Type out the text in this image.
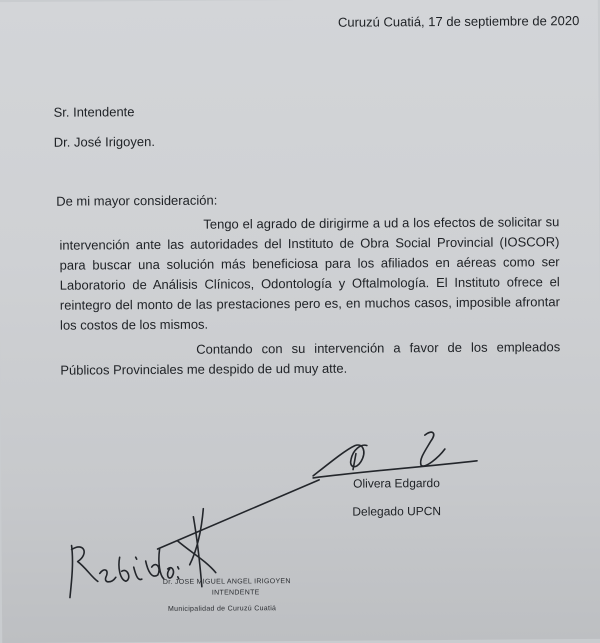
Curuzú Cuatiá, 17 de septiembre de 2020
Sr. Intendente
Dr. José Irigoyen.
De mi mayor consideración:
Tengo el agrado de dirigirme a ud a los efectos de solicitar su intervención ante las autoridades del Instituto de Obra Social Provincial (IOSCOR) para buscar una solución más beneficiosa para los afiliados en aéreas como ser Laboratorio de Análisis Clínicos, Odontología y Oftalmología. El Instituto ofrece el reintegro del monto de las prestaciones pero es, en muchos casos, imposible afrontar los costos de los mismos.
Contando con su intervención a favor de los empleados Públicos Provinciales me despido de ud muy atte.
Olivera Edgardo
Delegado UPCN
Dr. JOSE MIGUEL ANGEL IRIGOYEN
INTENDENTE
Municipalidad de Curuzú Cuatiá
